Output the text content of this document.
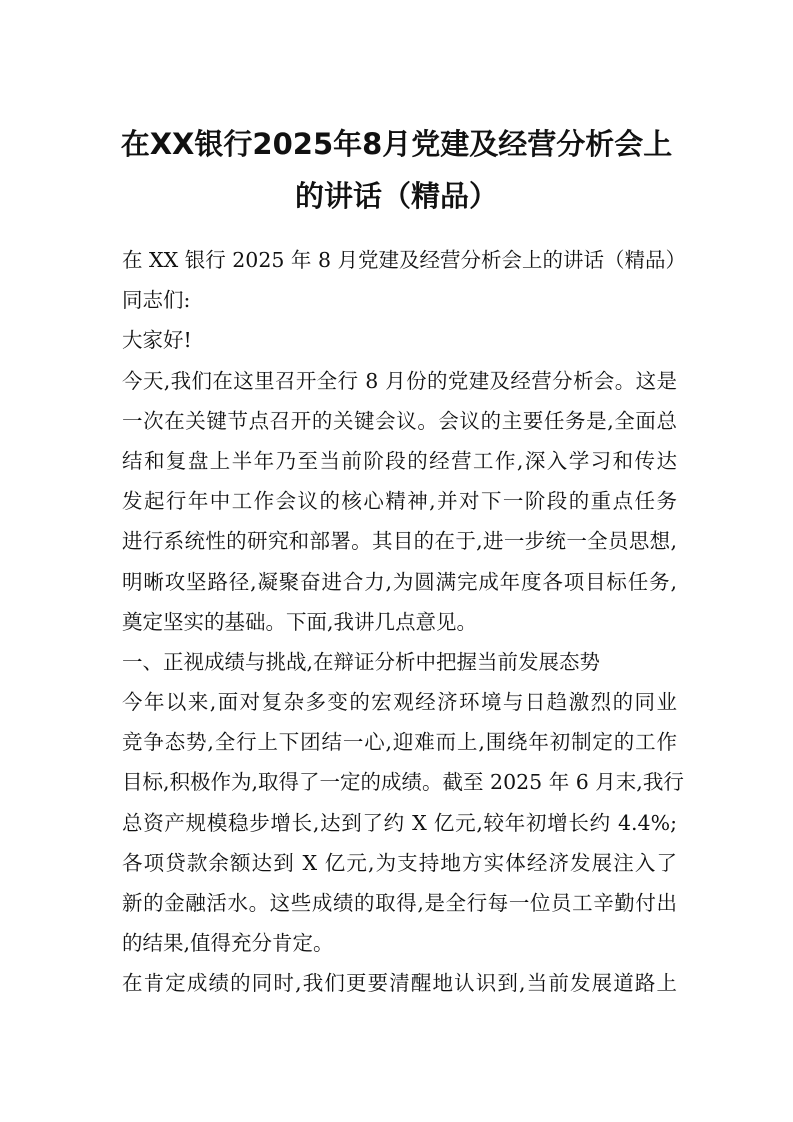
在XX银行2025年8月党建及经营分析会上
的讲话（精品）
在 XX 银行 2025 年 8 月党建及经营分析会上的讲话（精品）
同志们:
大家好!
今天,我们在这里召开全行 8 月份的党建及经营分析会。这是
一次在关键节点召开的关键会议。会议的主要任务是,全面总
结和复盘上半年乃至当前阶段的经营工作,深入学习和传达
发起行年中工作会议的核心精神,并对下一阶段的重点任务
进行系统性的研究和部署。其目的在于,进一步统一全员思想,
明晰攻坚路径,凝聚奋进合力,为圆满完成年度各项目标任务,
奠定坚实的基础。下面,我讲几点意见。
一、正视成绩与挑战,在辩证分析中把握当前发展态势
今年以来,面对复杂多变的宏观经济环境与日趋激烈的同业
竞争态势,全行上下团结一心,迎难而上,围绕年初制定的工作
目标,积极作为,取得了一定的成绩。截至 2025 年 6 月末,我行
总资产规模稳步增长,达到了约 X 亿元,较年初增长约 4.4%;
各项贷款余额达到 X 亿元,为支持地方实体经济发展注入了
新的金融活水。这些成绩的取得,是全行每一位员工辛勤付出
的结果,值得充分肯定。
在肯定成绩的同时,我们更要清醒地认识到,当前发展道路上
